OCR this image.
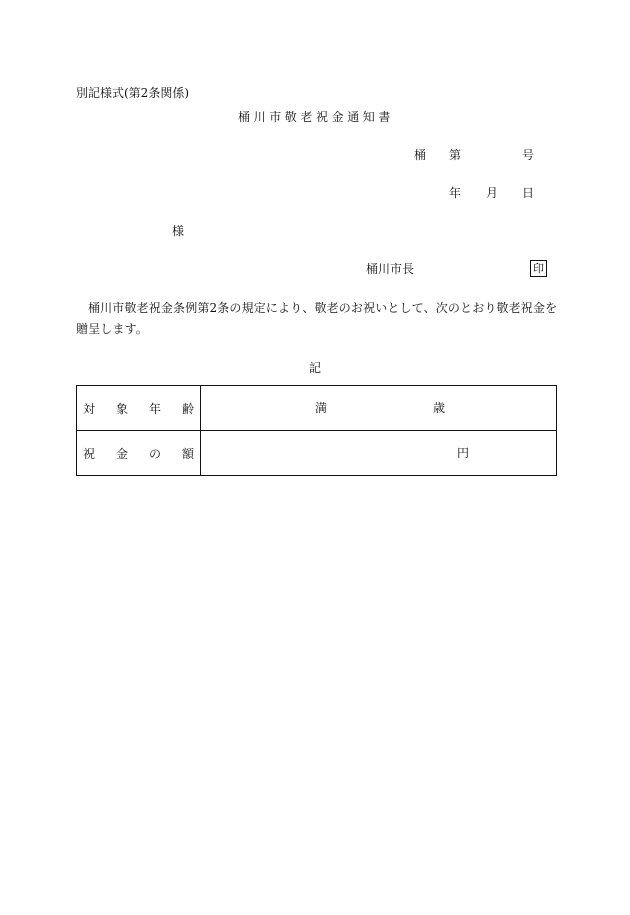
別記様式(第2条関係)
桶川市敬老祝金通知書
桶 第	号
年 月 日
様
桶川市長	印
桶川市敬老祝金条例第2条の規定により、敬老のお祝いとして、次のとおり敬老祝金を贈呈します。
記
対 象 年 齢	満 歳

祝 金 の 額	円
